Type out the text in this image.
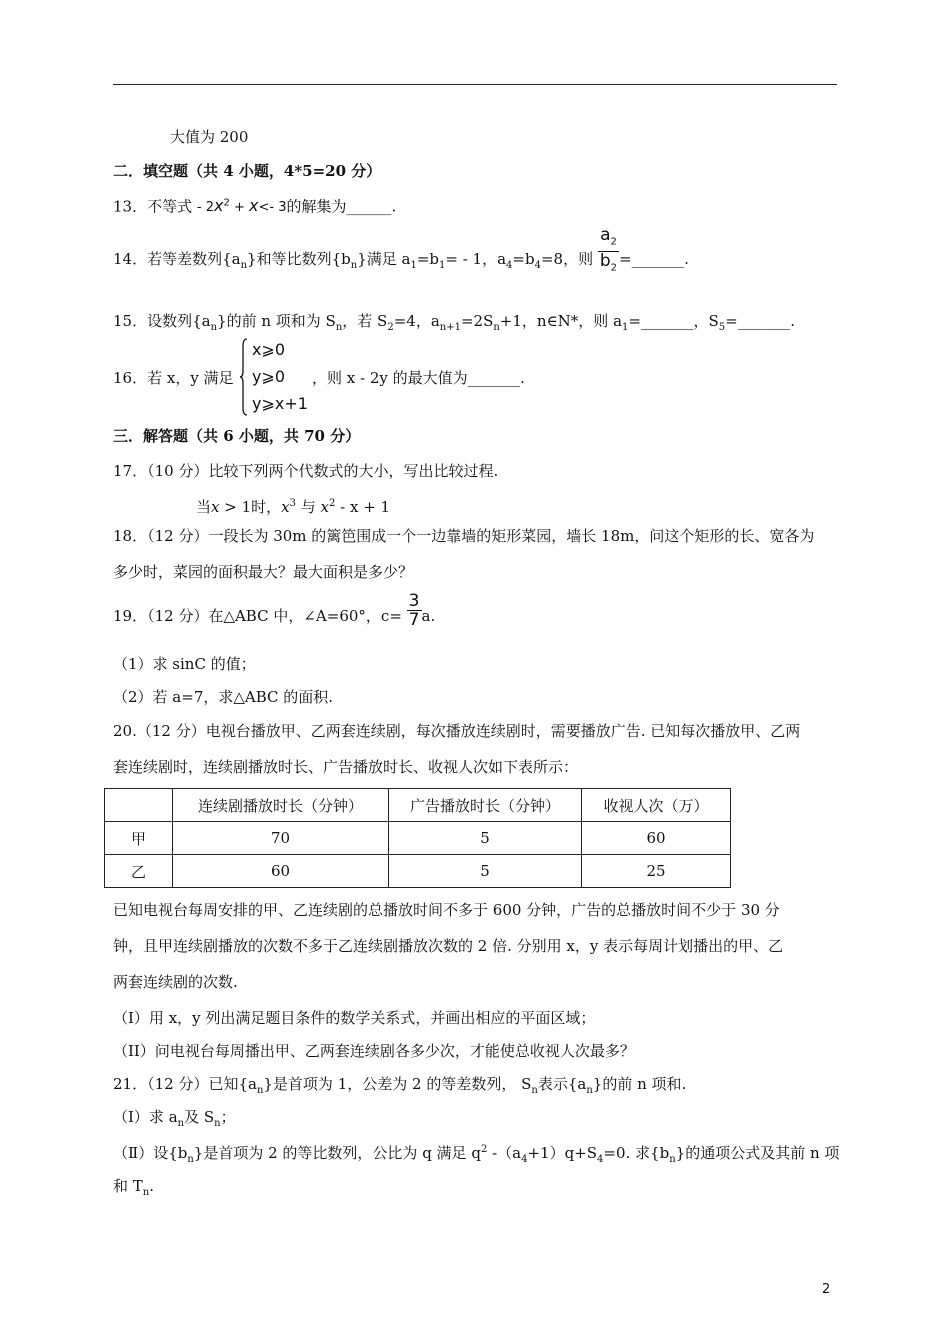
大值为 200
二．填空题（共 4 小题，4*5=20 分）
13．不等式 - $2x^2 + x<-$ 3的解集为______.
14．若等差数列$\{a_n\}$和等比数列$\{b_n\}$满足 $a_1=b_1= - 1$，$a_4=b_4=8$，则 $\frac{a_2}{b_2}$ =_______.
15．设数列$\{a_n\}$的前 n 项和为 $S_n$，若 $S_2=4$，$a_{n+1}=2S_n+1$，n∈N*，则 $a_1=\_\_\_\_\_\_\_$，$S_5=\_\_\_\_\_\_\_$.
16．若 x，y 满足
x⩾0
y⩾0
y⩾x+1
，则 x - 2y 的最大值为_______.
三．解答题（共 6 小题，共 70 分）
17．（10 分）比较下列两个代数式的大小，写出比较过程.
当x > 1时，$x^3$ 与 $x^2 - x + 1$
18．（12 分）一段长为 30m 的篱笆围成一个一边靠墙的矩形菜园，墙长 18m，问这个矩形的长、宽各为
多少时，菜园的面积最大？最大面积是多少？
19．（12 分）在△ABC 中，∠A=60°，$c= \frac{3}{7} a$.
（1）求 sinC 的值；
（2）若 a=7，求△ABC 的面积.
20.（12 分）电视台播放甲、乙两套连续剧，每次播放连续剧时，需要播放广告. 已知每次播放甲、乙两
套连续剧时，连续剧播放时长、广告播放时长、收视人次如下表所示：
	连续剧播放时长（分钟）	广告播放时长（分钟）	收视人次（万）
甲	70	5	60
乙	60	5	25
已知电视台每周安排的甲、乙连续剧的总播放时间不多于 600 分钟，广告的总播放时间不少于 30 分
钟，且甲连续剧播放的次数不多于乙连续剧播放次数的 2 倍. 分别用 x，y 表示每周计划播出的甲、乙
两套连续剧的次数.
（I）用 x，y 列出满足题目条件的数学关系式，并画出相应的平面区域；
（II）问电视台每周播出甲、乙两套连续剧各多少次，才能使总收视人次最多？
21．（12 分）已知$\{a_n\}$是首项为 1，公差为 2 的等差数列， $S_n$表示$\{a_n\}$的前 n 项和.
（Ⅰ）求 $a_n$及 $S_n$；
（Ⅱ）设$\{b_n\}$是首项为 2 的等比数列，公比为 q 满足 $q^2$ $-(a_4+1)q+S_4=0$. 求$\{b_n\}$的通项公式及其前 n 项
和 $T_n$.
2
